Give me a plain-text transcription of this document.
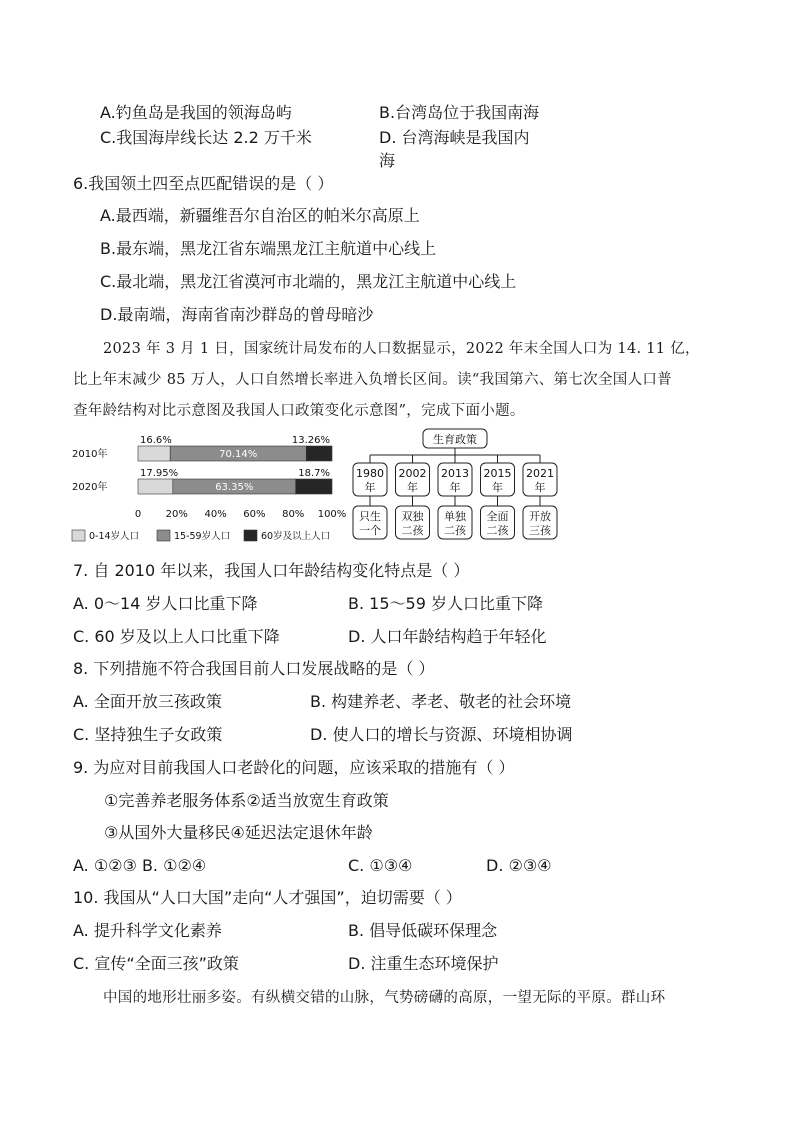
A.钓鱼岛是我国的领海岛屿	B.台湾岛位于我国南海
C.我国海岸线长达 2.2 万千米	D. 台湾海峡是我国内
海
6.我国领土四至点匹配错误的是（ ）
A.最西端，新疆维吾尔自治区的帕米尔高原上
B.最东端，黑龙江省东端黑龙江主航道中心线上
C.最北端，黑龙江省漠河市北端的，黑龙江主航道中心线上
D.最南端，海南省南沙群岛的曾母暗沙
2023 年 3 月 1 日，国家统计局发布的人口数据显示，2022 年末全国人口为 14. 11 亿，
比上年末减少 85 万人，人口自然增长率进入负增长区间。读“我国第六、第七次全国人口普
查年龄结构对比示意图及我国人口政策变化示意图”，完成下面小题。
2010年
16.6%
70.14%
13.26%
2020年
17.95%
63.35%
18.7%
0 20% 40% 60% 80% 100%
0-14岁人口	15-59岁人口	60岁及以上人口
生育政策
1980
年
只生
一个
2002
年
双独
二孩
2013
年
单独
二孩
2015
年
全面
二孩
2021
年
开放
三孩
7. 自 2010 年以来，我国人口年龄结构变化特点是（ ）
A. 0～14 岁人口比重下降	B. 15～59 岁人口比重下降
C. 60 岁及以上人口比重下降	D. 人口年龄结构趋于年轻化
8. 下列措施不符合我国目前人口发展战略的是（ ）
A. 全面开放三孩政策	B. 构建养老、孝老、敬老的社会环境
C. 坚持独生子女政策	D. 使人口的增长与资源、环境相协调
9. 为应对目前我国人口老龄化的问题，应该采取的措施有（ ）
①完善养老服务体系②适当放宽生育政策
③从国外大量移民④延迟法定退休年龄
A. ①②③ B. ①②④	C. ①③④	D. ②③④
10. 我国从“人口大国”走向“人才强国”，迫切需要（ ）
A. 提升科学文化素养	B. 倡导低碳环保理念
C. 宣传“全面三孩”政策	D. 注重生态环境保护
中国的地形壮丽多姿。有纵横交错的山脉，气势磅礴的高原，一望无际的平原。群山环
